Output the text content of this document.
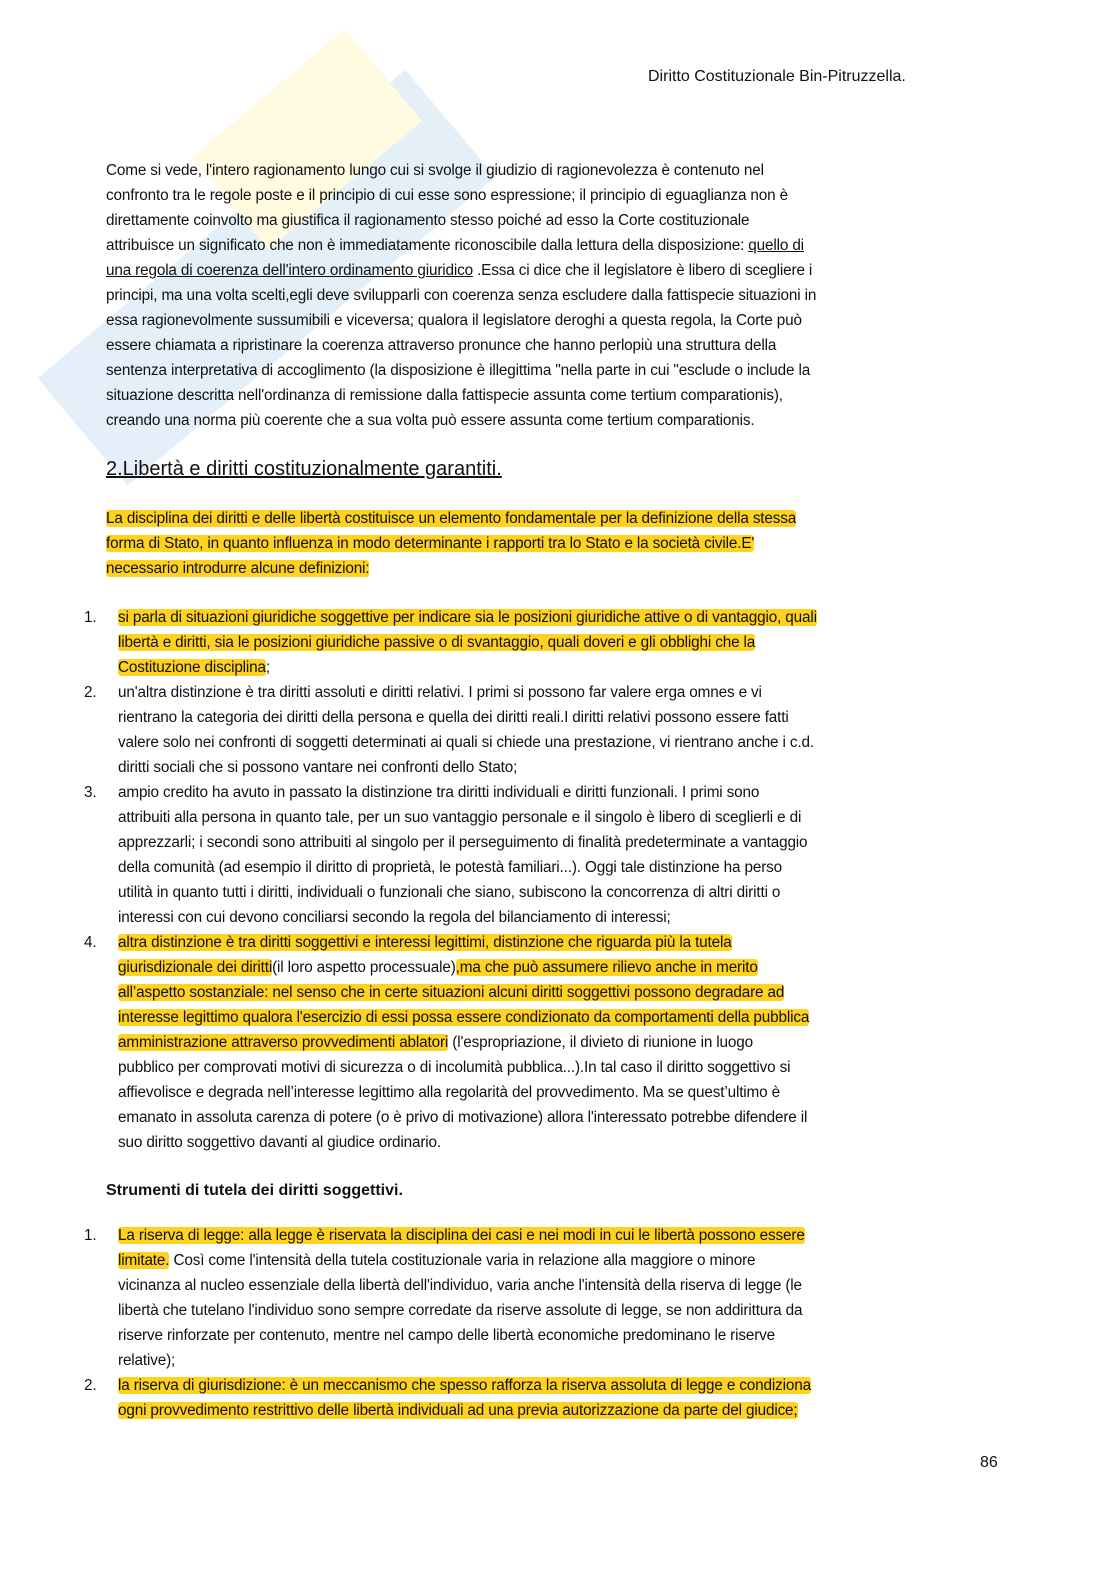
Diritto Costituzionale Bin-Pitruzzella.
Come si vede, l'intero ragionamento lungo cui si svolge il giudizio di ragionevolezza è contenuto nel
confronto tra le regole poste e il principio di cui esse sono espressione; il principio di eguaglianza non è
direttamente coinvolto ma giustifica il ragionamento stesso poiché ad esso la Corte costituzionale
attribuisce un significato che non è immediatamente riconoscibile dalla lettura della disposizione: quello di
una regola di coerenza dell'intero ordinamento giuridico .Essa ci dice che il legislatore è libero di scegliere i
principi, ma una volta scelti,egli deve svilupparli con coerenza senza escludere dalla fattispecie situazioni in
essa ragionevolmente sussumibili e viceversa; qualora il legislatore deroghi a questa regola, la Corte può
essere chiamata a ripristinare la coerenza attraverso pronunce che hanno perlopiù una struttura della
sentenza interpretativa di accoglimento (la disposizione è illegittima "nella parte in cui "esclude o include la
situazione descritta nell'ordinanza di remissione dalla fattispecie assunta come tertium comparationis),
creando una norma più coerente che a sua volta può essere assunta come tertium comparationis.
2.Libertà e diritti costituzionalmente garantiti.
La disciplina dei diritti e delle libertà costituisce un elemento fondamentale per la definizione della stessa
forma di Stato, in quanto influenza in modo determinante i rapporti tra lo Stato e la società civile.E'
necessario introdurre alcune definizioni:
1. si parla di situazioni giuridiche soggettive per indicare sia le posizioni giuridiche attive o di vantaggio, quali
libertà e diritti, sia le posizioni giuridiche passive o di svantaggio, quali doveri e gli obblighi che la
Costituzione disciplina;
2. un'altra distinzione è tra diritti assoluti e diritti relativi. I primi si possono far valere erga omnes e vi
rientrano la categoria dei diritti della persona e quella dei diritti reali.I diritti relativi possono essere fatti
valere solo nei confronti di soggetti determinati ai quali si chiede una prestazione, vi rientrano anche i c.d.
diritti sociali che si possono vantare nei confronti dello Stato;
3. ampio credito ha avuto in passato la distinzione tra diritti individuali e diritti funzionali. I primi sono
attribuiti alla persona in quanto tale, per un suo vantaggio personale e il singolo è libero di sceglierli e di
apprezzarli; i secondi sono attribuiti al singolo per il perseguimento di finalità predeterminate a vantaggio
della comunità (ad esempio il diritto di proprietà, le potestà familiari...). Oggi tale distinzione ha perso
utilità in quanto tutti i diritti, individuali o funzionali che siano, subiscono la concorrenza di altri diritti o
interessi con cui devono conciliarsi secondo la regola del bilanciamento di interessi;
4. altra distinzione è tra diritti soggettivi e interessi legittimi, distinzione che riguarda più la tutela
giurisdizionale dei diritti(il loro aspetto processuale),ma che può assumere rilievo anche in merito
all’aspetto sostanziale: nel senso che in certe situazioni alcuni diritti soggettivi possono degradare ad
interesse legittimo qualora l'esercizio di essi possa essere condizionato da comportamenti della pubblica
amministrazione attraverso provvedimenti ablatori (l'espropriazione, il divieto di riunione in luogo
pubblico per comprovati motivi di sicurezza o di incolumità pubblica...).In tal caso il diritto soggettivo si
affievolisce e degrada nell’interesse legittimo alla regolarità del provvedimento. Ma se quest’ultimo è
emanato in assoluta carenza di potere (o è privo di motivazione) allora l'interessato potrebbe difendere il
suo diritto soggettivo davanti al giudice ordinario.
Strumenti di tutela dei diritti soggettivi.
1. La riserva di legge: alla legge è riservata la disciplina dei casi e nei modi in cui le libertà possono essere
limitate. Così come l'intensità della tutela costituzionale varia in relazione alla maggiore o minore
vicinanza al nucleo essenziale della libertà dell'individuo, varia anche l'intensità della riserva di legge (le
libertà che tutelano l'individuo sono sempre corredate da riserve assolute di legge, se non addirittura da
riserve rinforzate per contenuto, mentre nel campo delle libertà economiche predominano le riserve
relative);
2. la riserva di giurisdizione: è un meccanismo che spesso rafforza la riserva assoluta di legge e condiziona
ogni provvedimento restrittivo delle libertà individuali ad una previa autorizzazione da parte del giudice;
86
